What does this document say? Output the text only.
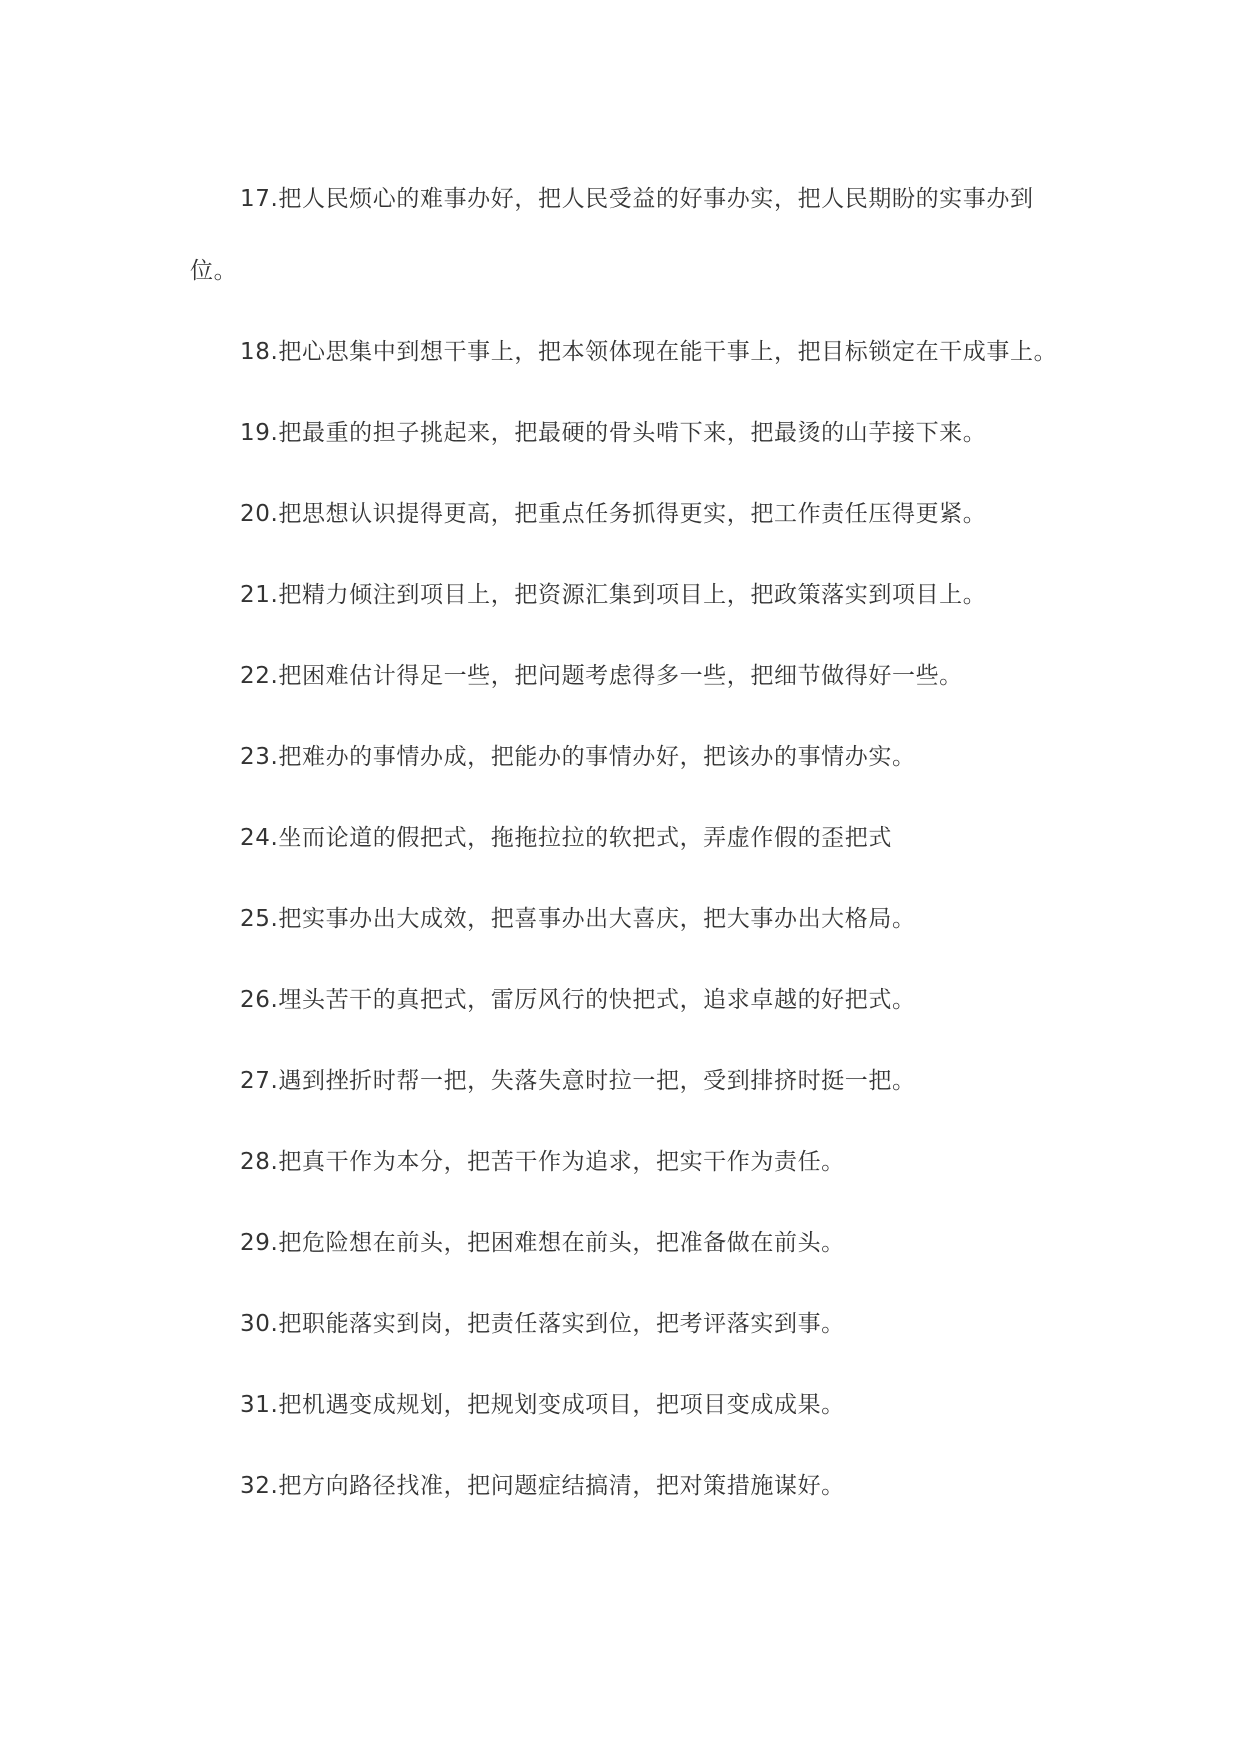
17.把人民烦心的难事办好，把人民受益的好事办实，把人民期盼的实事办到位。

18.把心思集中到想干事上，把本领体现在能干事上，把目标锁定在干成事上。

19.把最重的担子挑起来，把最硬的骨头啃下来，把最烫的山芋接下来。

20.把思想认识提得更高，把重点任务抓得更实，把工作责任压得更紧。

21.把精力倾注到项目上，把资源汇集到项目上，把政策落实到项目上。

22.把困难估计得足一些，把问题考虑得多一些，把细节做得好一些。

23.把难办的事情办成，把能办的事情办好，把该办的事情办实。

24.坐而论道的假把式，拖拖拉拉的软把式，弄虚作假的歪把式

25.把实事办出大成效，把喜事办出大喜庆，把大事办出大格局。

26.埋头苦干的真把式，雷厉风行的快把式，追求卓越的好把式。

27.遇到挫折时帮一把，失落失意时拉一把，受到排挤时挺一把。

28.把真干作为本分，把苦干作为追求，把实干作为责任。

29.把危险想在前头，把困难想在前头，把准备做在前头。

30.把职能落实到岗，把责任落实到位，把考评落实到事。

31.把机遇变成规划，把规划变成项目，把项目变成成果。

32.把方向路径找准，把问题症结搞清，把对策措施谋好。
